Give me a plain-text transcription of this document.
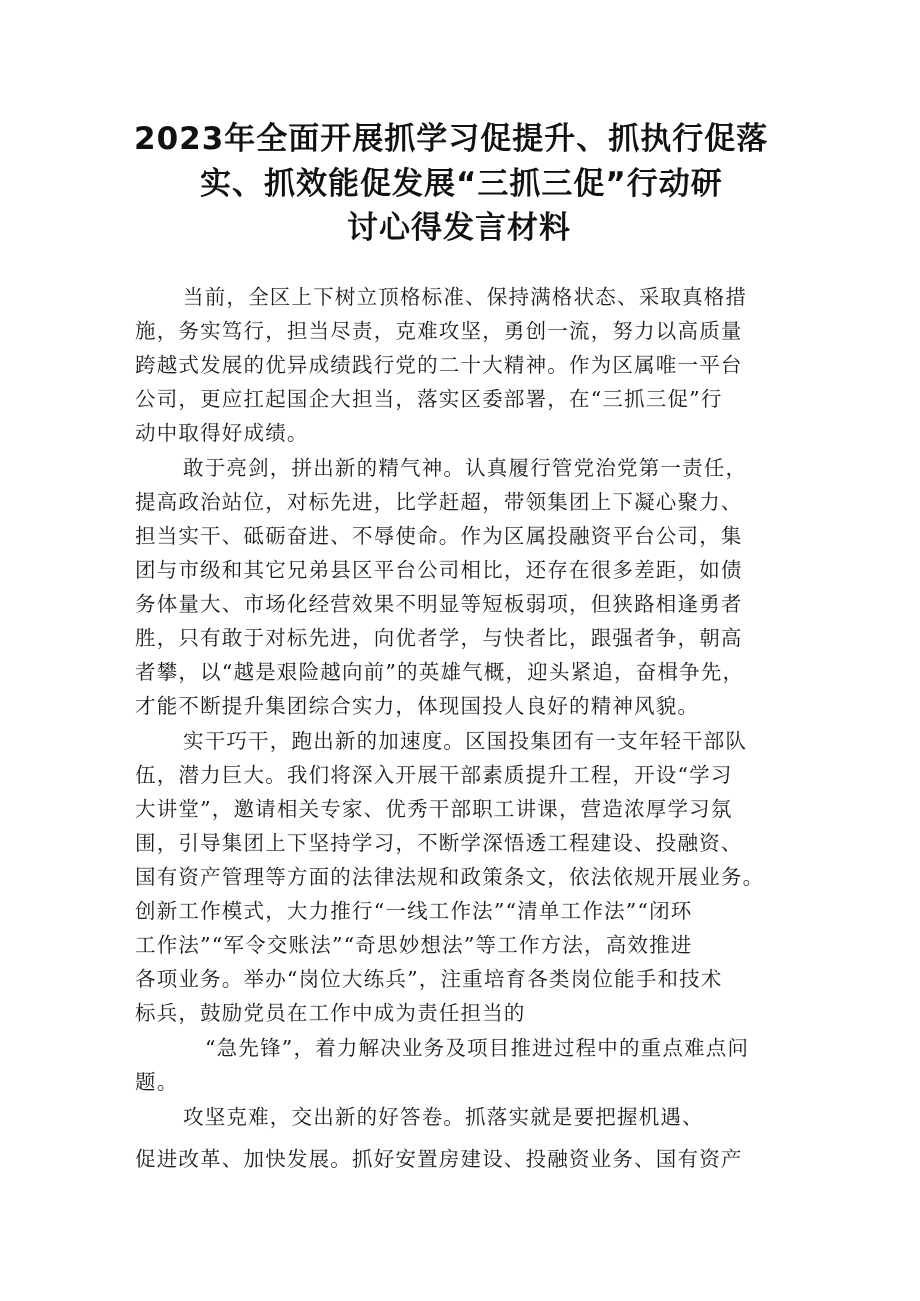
2023年全面开展抓学习促提升、抓执行促落
实、抓效能促发展“三抓三促”行动研
讨心得发言材料
当前，全区上下树立顶格标准、保持满格状态、采取真格措
施，务实笃行，担当尽责，克难攻坚，勇创一流，努力以高质量
跨越式发展的优异成绩践行党的二十大精神。作为区属唯一平台
公司，更应扛起国企大担当，落实区委部署，在“三抓三促”行
动中取得好成绩。
敢于亮剑，拼出新的精气神。认真履行管党治党第一责任，
提高政治站位，对标先进，比学赶超，带领集团上下凝心聚力、
担当实干、砥砺奋进、不辱使命。作为区属投融资平台公司，集
团与市级和其它兄弟县区平台公司相比，还存在很多差距，如债
务体量大、市场化经营效果不明显等短板弱项，但狭路相逢勇者
胜，只有敢于对标先进，向优者学，与快者比，跟强者争，朝高
者攀，以“越是艰险越向前”的英雄气概，迎头紧追，奋楫争先，
才能不断提升集团综合实力，体现国投人良好的精神风貌。
实干巧干，跑出新的加速度。区国投集团有一支年轻干部队
伍，潜力巨大。我们将深入开展干部素质提升工程，开设“学习
大讲堂”，邀请相关专家、优秀干部职工讲课，营造浓厚学习氛
围，引导集团上下坚持学习，不断学深悟透工程建设、投融资、
国有资产管理等方面的法律法规和政策条文，依法依规开展业务。
创新工作模式，大力推行“一线工作法”“清单工作法”“闭环
工作法”“军令交账法”“奇思妙想法”等工作方法，高效推进
各项业务。举办“岗位大练兵”，注重培育各类岗位能手和技术
标兵，鼓励党员在工作中成为责任担当的
“急先锋”，着力解决业务及项目推进过程中的重点难点问
题。
攻坚克难，交出新的好答卷。抓落实就是要把握机遇、
促进改革、加快发展。抓好安置房建设、投融资业务、国有资产
